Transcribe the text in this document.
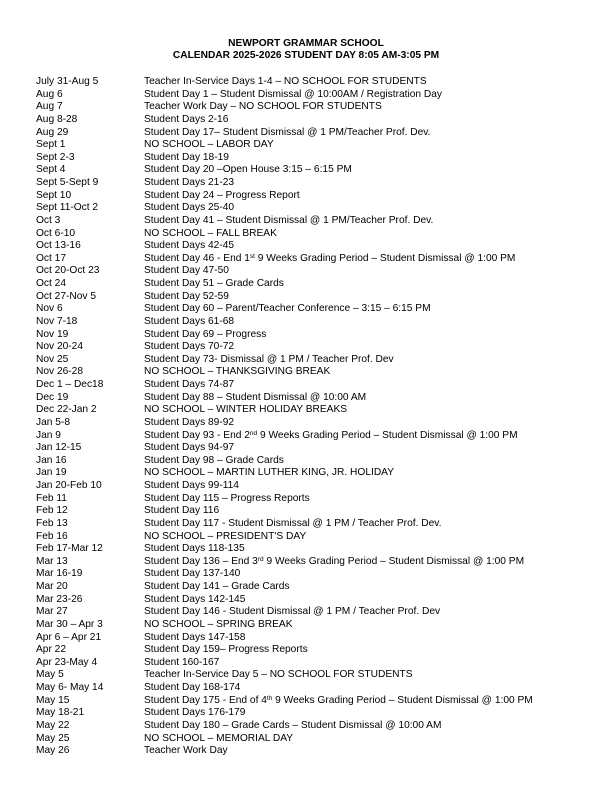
NEWPORT GRAMMAR SCHOOL
CALENDAR 2025-2026 STUDENT DAY 8:05 AM-3:05 PM
July 31-Aug 5	Teacher In-Service Days 1-4 – NO SCHOOL FOR STUDENTS
Aug 6	Student Day 1 – Student Dismissal @ 10:00AM / Registration Day
Aug 7	Teacher Work Day – NO SCHOOL FOR STUDENTS
Aug 8-28	Student Days 2-16
Aug 29	Student Day 17– Student Dismissal @ 1 PM/Teacher Prof. Dev.
Sept 1	NO SCHOOL – LABOR DAY
Sept 2-3	Student Day 18-19
Sept 4	Student Day 20 –Open House 3:15 – 6:15 PM
Sept 5-Sept 9	Student Days 21-23
Sept 10	Student Day 24 – Progress Report
Sept 11-Oct 2	Student Days 25-40
Oct 3	Student Day 41 – Student Dismissal @ 1 PM/Teacher Prof. Dev.
Oct 6-10	NO SCHOOL – FALL BREAK
Oct 13-16	Student Days 42-45
Oct 17	Student Day 46 - End 1st 9 Weeks Grading Period – Student Dismissal @ 1:00 PM
Oct 20-Oct 23	Student Day 47-50
Oct 24	Student Day 51 – Grade Cards
Oct 27-Nov 5	Student Day 52-59
Nov 6	Student Day 60 – Parent/Teacher Conference – 3:15 – 6:15 PM
Nov 7-18	Student Days 61-68
Nov 19	Student Day 69 – Progress
Nov 20-24	Student Days 70-72
Nov 25	Student Day 73- Dismissal @ 1 PM / Teacher Prof. Dev
Nov 26-28	NO SCHOOL – THANKSGIVING BREAK
Dec 1 – Dec18	Student Days 74-87
Dec 19	Student Day 88 – Student Dismissal @ 10:00 AM
Dec 22-Jan 2	NO SCHOOL – WINTER HOLIDAY BREAKS
Jan 5-8	Student Days 89-92
Jan 9	Student Day 93 - End 2nd 9 Weeks Grading Period – Student Dismissal @ 1:00 PM
Jan 12-15	Student Days 94-97
Jan 16	Student Day 98 – Grade Cards
Jan 19	NO SCHOOL – MARTIN LUTHER KING, JR. HOLIDAY
Jan 20-Feb 10	Student Days 99-114
Feb 11	Student Day 115 – Progress Reports
Feb 12	Student Day 116
Feb 13	Student Day 117 - Student Dismissal @ 1 PM / Teacher Prof. Dev.
Feb 16	NO SCHOOL – PRESIDENT'S DAY
Feb 17-Mar 12	Student Days 118-135
Mar 13	Student Day 136 – End 3rd 9 Weeks Grading Period – Student Dismissal @ 1:00 PM
Mar 16-19	Student Day 137-140
Mar 20	Student Day 141 – Grade Cards
Mar 23-26	Student Days 142-145
Mar 27	Student Day 146 - Student Dismissal @ 1 PM / Teacher Prof. Dev
Mar 30 – Apr 3	NO SCHOOL – SPRING BREAK
Apr 6 – Apr 21	Student Days 147-158
Apr 22	Student Day 159– Progress Reports
Apr 23-May 4	Student 160-167
May 5	Teacher In-Service Day 5 – NO SCHOOL FOR STUDENTS
May 6- May 14	Student Day 168-174
May 15	Student Day 175 - End of 4th 9 Weeks Grading Period – Student Dismissal @ 1:00 PM
May 18-21	Student Days 176-179
May 22	Student Day 180 – Grade Cards – Student Dismissal @ 10:00 AM
May 25	NO SCHOOL – MEMORIAL DAY
May 26	Teacher Work Day
